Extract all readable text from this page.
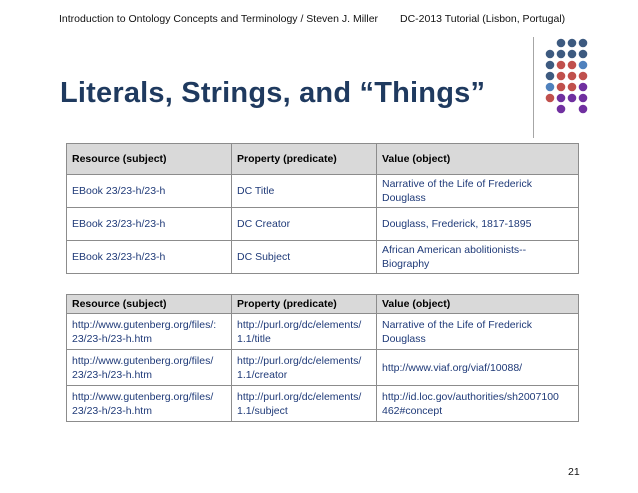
Introduction to Ontology Concepts and Terminology / Steven J. Miller DC-2013 Tutorial (Lisbon, Portugal)
Literals, Strings, and “Things”
Resource (subject)	Property (predicate)	Value (object)
EBook 23/23-h/23-h	DC Title	Narrative of the Life of Frederick Douglass
EBook 23/23-h/23-h	DC Creator	Douglass, Frederick, 1817-1895
EBook 23/23-h/23-h	DC Subject	African American abolitionists--Biography
Resource (subject)	Property (predicate)	Value (object)
http://www.gutenberg.org/files/: 23/23-h/23-h.htm	http://purl.org/dc/elements/ 1.1/title	Narrative of the Life of Frederick Douglass
http://www.gutenberg.org/files/ 23/23-h/23-h.htm	http://purl.org/dc/elements/ 1.1/creator	http://www.viaf.org/viaf/10088/
http://www.gutenberg.org/files/ 23/23-h/23-h.htm	http://purl.org/dc/elements/ 1.1/subject	http://id.loc.gov/authorities/sh2007100 462#concept
21
